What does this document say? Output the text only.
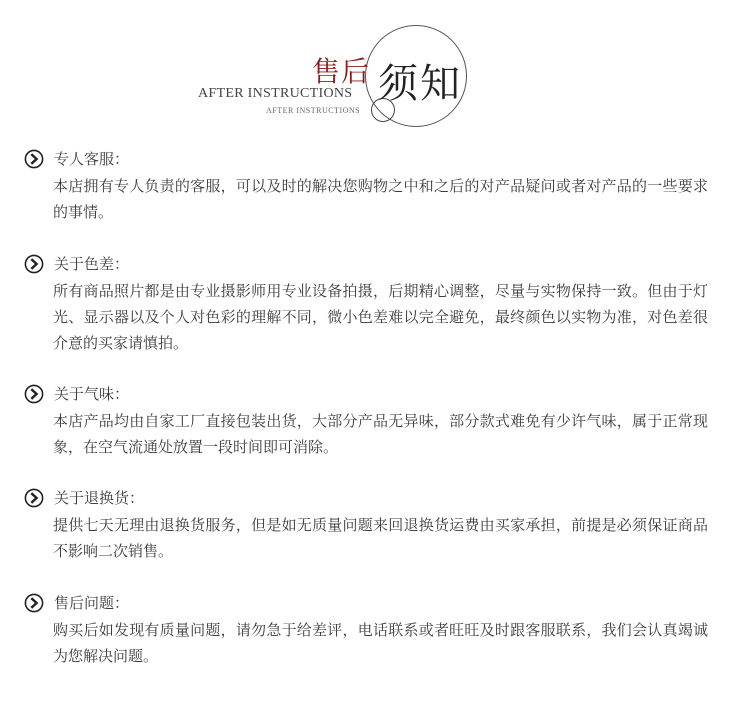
售后 须知
AFTER INSTRUCTIONS
AFTER INSTRUCTIONS
专人客服：
本店拥有专人负责的客服，可以及时的解决您购物之中和之后的对产品疑问或者对产品的一些要求的事情。
关于色差：
所有商品照片都是由专业摄影师用专业设备拍摄，后期精心调整，尽量与实物保持一致。但由于灯光、显示器以及个人对色彩的理解不同，微小色差难以完全避免，最终颜色以实物为准，对色差很介意的买家请慎拍。
关于气味：
本店产品均由自家工厂直接包装出货，大部分产品无异味，部分款式难免有少许气味，属于正常现象，在空气流通处放置一段时间即可消除。
关于退换货：
提供七天无理由退换货服务，但是如无质量问题来回退换货运费由买家承担，前提是必须保证商品不影响二次销售。
售后问题：
购买后如发现有质量问题，请勿急于给差评，电话联系或者旺旺及时跟客服联系，我们会认真竭诚为您解决问题。
